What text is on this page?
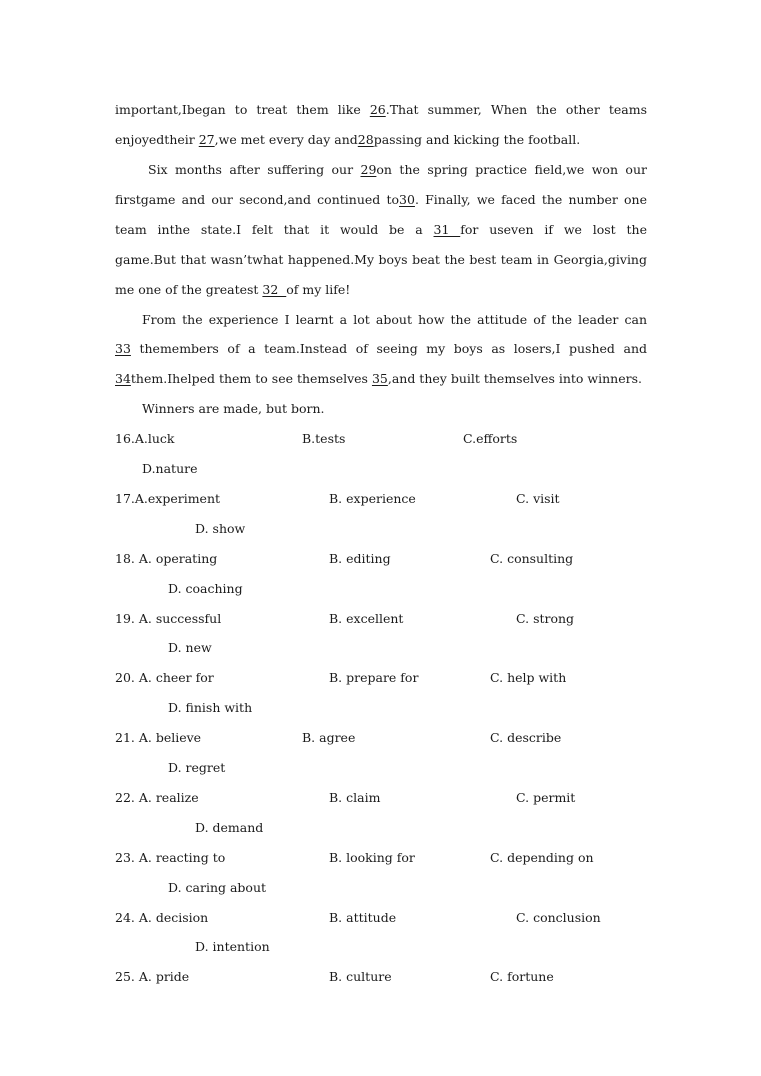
important,Ibegan to treat them like 26.That summer, When the other teams
enjoyedtheir 27,we met every day and28passing and kicking the football.
Six months after suffering our 29on the spring practice field,we won our
firstgame and our second,and continued to30. Finally, we faced the number one
team inthe state.I felt that it would be a 31 for useven if we lost the
game.But that wasn’twhat happened.My boys beat the best team in Georgia,giving
me one of the greatest 32  of my life!
From the experience I learnt a lot about how the attitude of the leader can
33 themembers of a team.Instead of seeing my boys as losers,I pushed and
34them.Ihelped them to see themselves 35,and they built themselves into winners.
Winners are made, but born.
16.A.luck	B.tests	C.efforts
D.nature
17.A.experiment	B. experience	C. visit
D. show
18. A. operating	B. editing	C. consulting
D. coaching
19. A. successful	B. excellent	C. strong
D. new
20. A. cheer for	B. prepare for	C. help with
D. finish with
21. A. believe	B. agree	C. describe
D. regret
22. A. realize	B. claim	C. permit
D. demand
23. A. reacting to	B. looking for	C. depending on
D. caring about
24. A. decision	B. attitude	C. conclusion
D. intention
25. A. pride	B. culture	C. fortune
